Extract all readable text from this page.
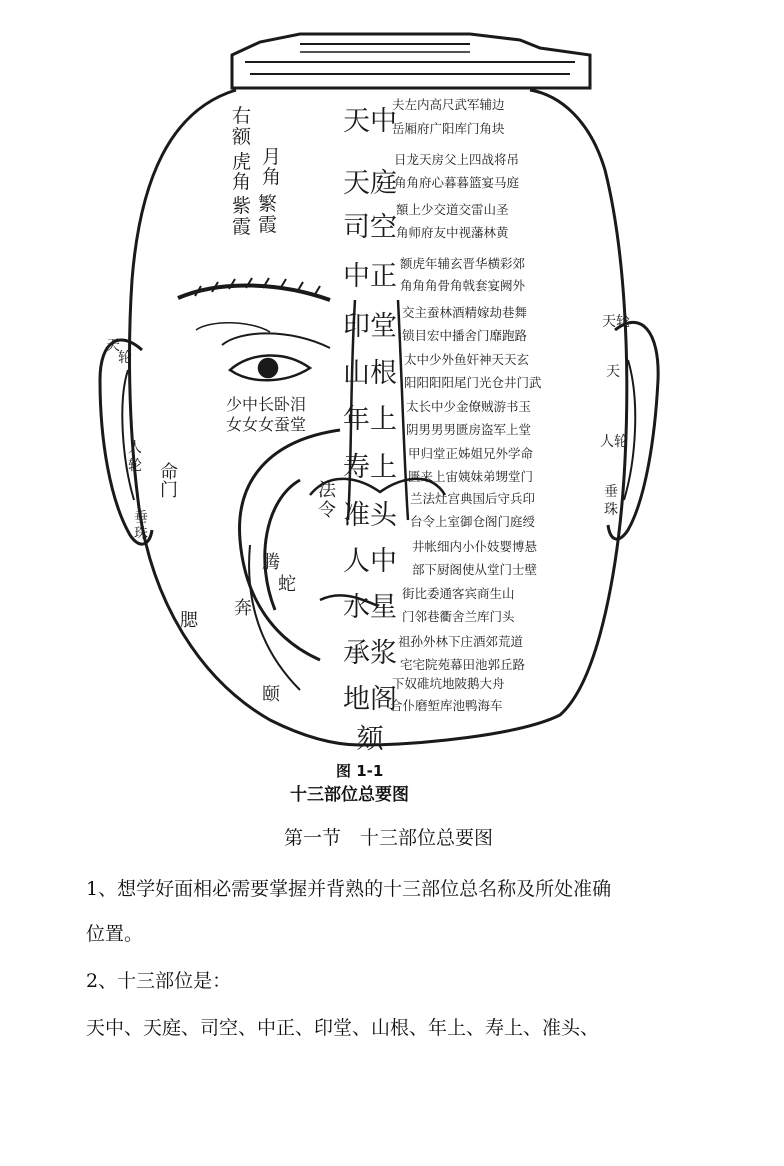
天中
天庭
司空
中正
印堂
山根
年上
寿上
准头
人中
水星
承浆
地阁
颏
夫左内高尺武军辅边
岳厢府广阳库门角块
日龙天房父上四战将吊
角角府心暮暮篮宴马庭
額上少交道交雷山圣
角师府友中视藩林黄
额虎年辅玄晋华横彩郊
角角角骨角戟套宴阙外
交主蚕林酒精嫁劫巷舞
锁目宏中播舍门靡跑路
太中少外鱼奸神天天玄
阳阳阳阳尾门光仓井门武
太长中少金僚贼游书玉
阴男男男匮房盗军上堂
甲归堂正姊姐兄外学命
匮来上宙姨妹弟甥堂门
兰法灶宫典国后守兵印
台令上室御仓阁门庭绶
井帐细内小仆妓婴博悬
部下厨阁使从堂门士壁
街比委通客宾商生山
门邻巷衢舍兰库门头
祖孙外林下庄酒郊荒道
宅宅院苑幕田池郭丘路
下奴碓坑地陂鹅大舟
合仆磨堑库池鸭海车
右
额
月
角
虎
角
紫
霞
繁
霞
少中长卧泪
女女女蚕堂
法
令
腾
蛇
奔
腮
颐
命
门
天
轮
人
轮
垂
珠
天轮
天
人轮
垂
珠
图 1-1
十三部位总要图
第一节　十三部位总要图
1、想学好面相必需要掌握并背熟的十三部位总名称及所处准确
位置。
2、十三部位是：
天中、天庭、司空、中正、印堂、山根、年上、寿上、准头、
